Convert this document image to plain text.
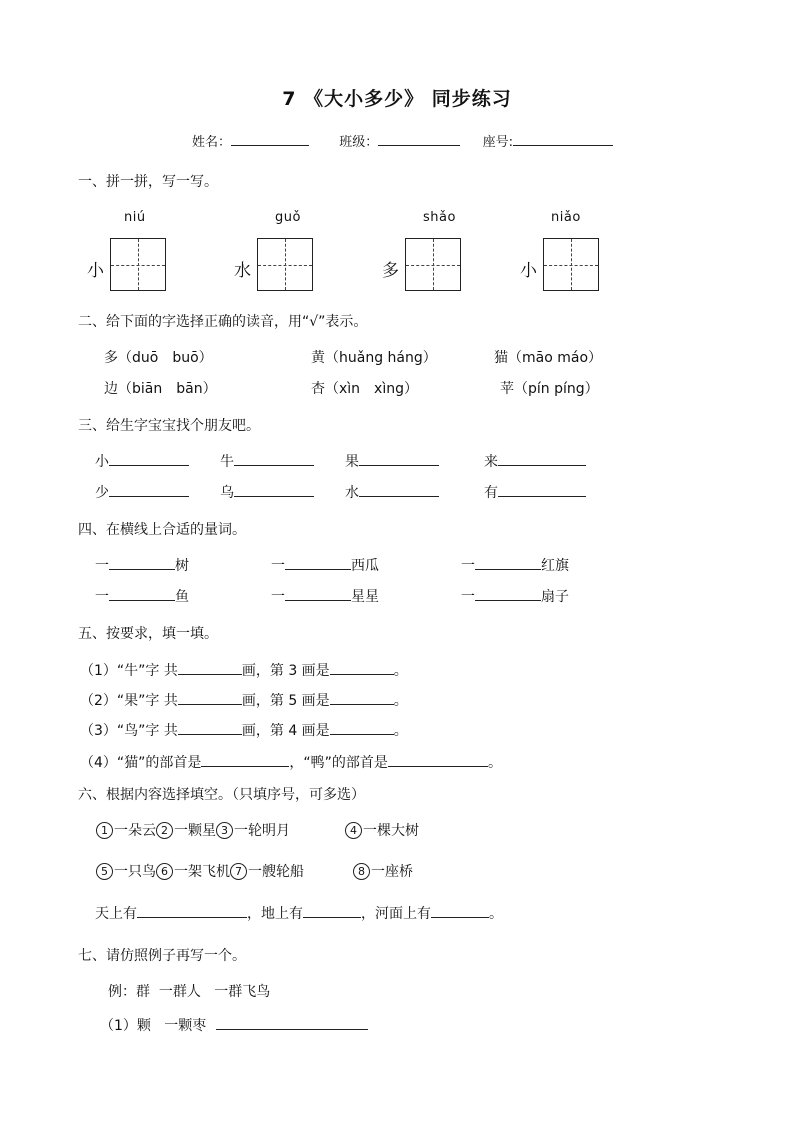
7 《大小多少》 同步练习
姓名：	班级：	座号:
一、拼一拼，写一写。
niú
小
guǒ
水
shǎo
多
niǎo
小
二、给下面的字选择正确的读音，用“√”表示。
多（duō　buō）	黄（huǎng háng）	猫（māo máo）
边（biān　bān）	杏（xìn　xìng）	苹（pín píng）
三、给生字宝宝找个朋友吧。
小	牛	果	来
少	乌	水	有
四、在横线上合适的量词。
一	树	一	西瓜	一	红旗
一	鱼	一	星星	一	扇子
五、按要求，填一填。
（1）“牛”字 共	画，第 3 画是	。
（2）“果”字 共	画，第 5 画是	。
（3）“鸟”字 共	画，第 4 画是	。
（4）“猫”的部首是	，“鸭”的部首是	。
六、根据内容选择填空。（只填序号，可多选）
1 一朵云 2 一颗星 3 一轮明月	4 一棵大树
5 一只鸟 6 一架飞机 7 一艘轮船	8 一座桥
天上有	，地上有	，河面上有	。
七、请仿照例子再写一个。
例：群  一群人   一群飞鸟
（1）颗   一颗枣
